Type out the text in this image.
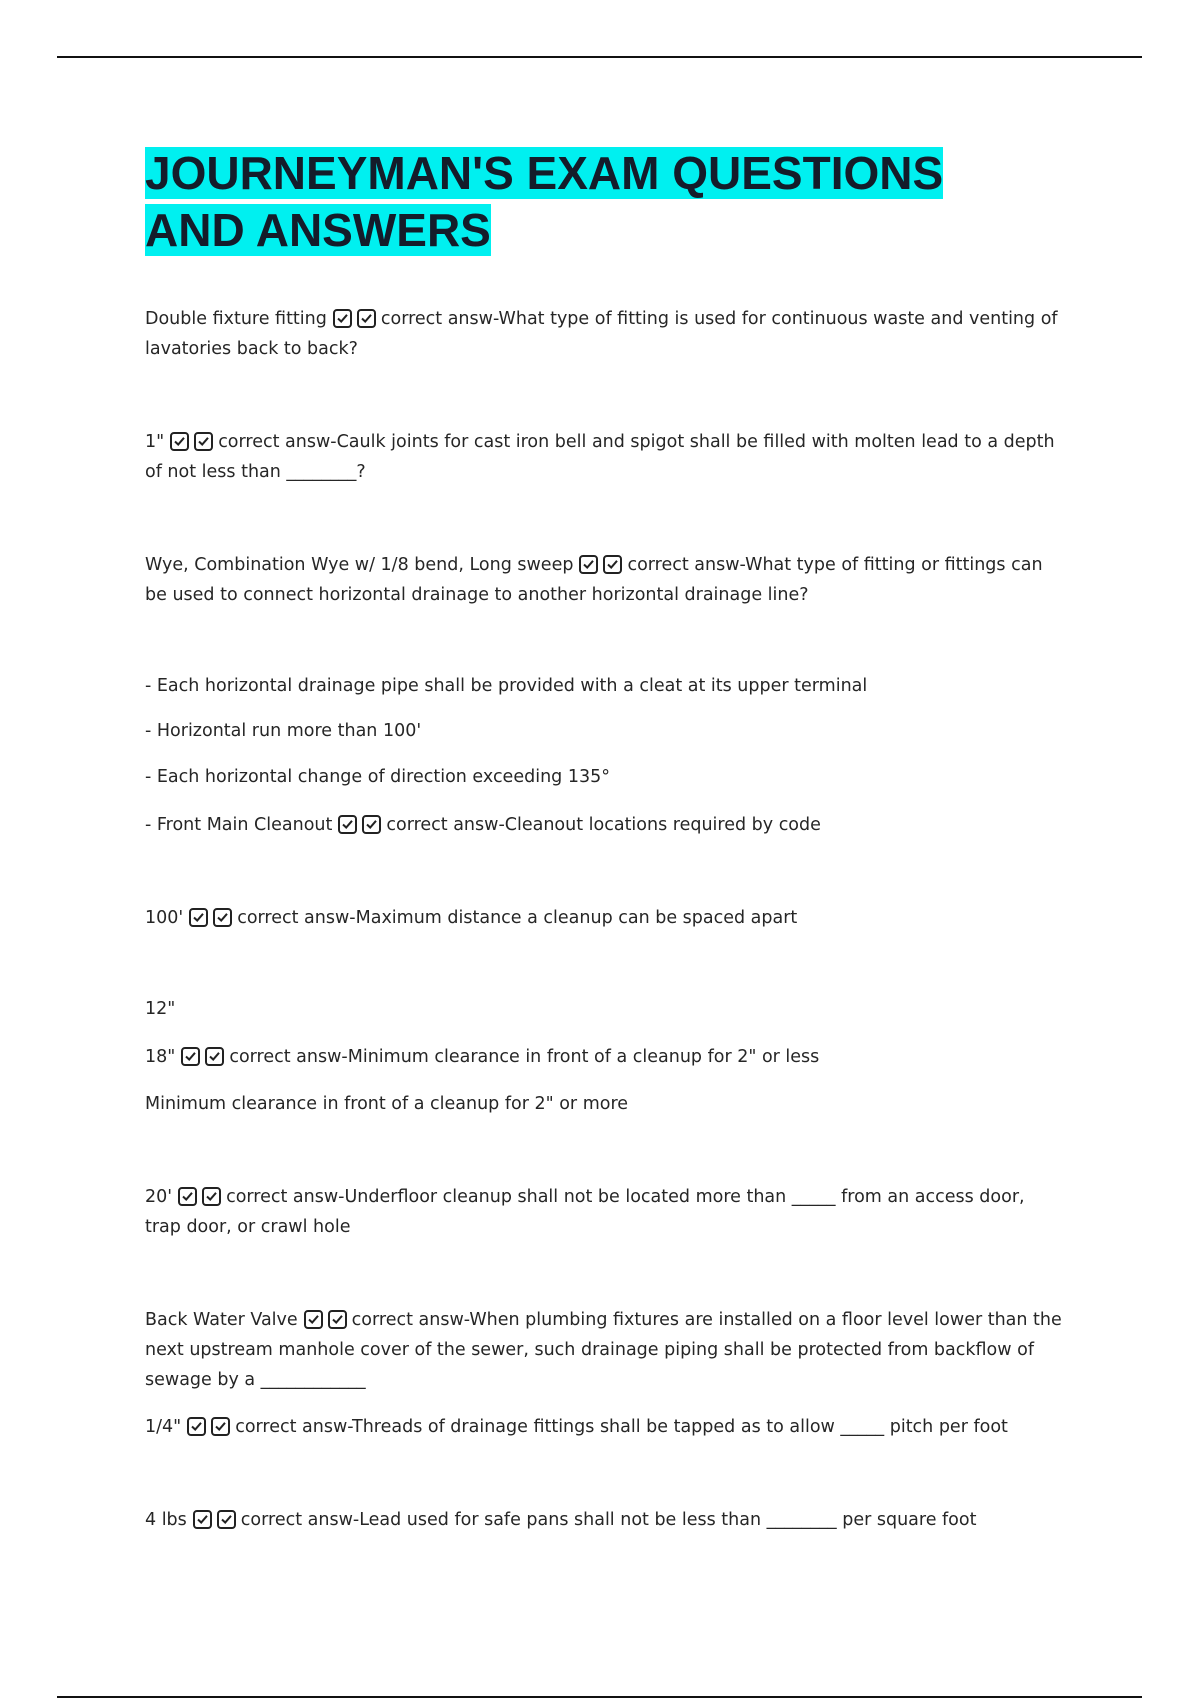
JOURNEYMAN'S EXAM QUESTIONS
AND ANSWERS

Double fixture fitting	correct answ-What type of fitting is used for continuous waste and venting of lavatories back to back?

1"	correct answ-Caulk joints for cast iron bell and spigot shall be filled with molten lead to a depth of not less than ________?

Wye, Combination Wye w/ 1/8 bend, Long sweep	correct answ-What type of fitting or fittings can be used to connect horizontal drainage to another horizontal drainage line?

- Each horizontal drainage pipe shall be provided with a cleat at its upper terminal

- Horizontal run more than 100'

- Each horizontal change of direction exceeding 135°

- Front Main Cleanout	correct answ-Cleanout locations required by code

100'	correct answ-Maximum distance a cleanup can be spaced apart

12"

18"	correct answ-Minimum clearance in front of a cleanup for 2" or less

Minimum clearance in front of a cleanup for 2" or more

20'	correct answ-Underfloor cleanup shall not be located more than _____ from an access door, trap door, or crawl hole

Back Water Valve	correct answ-When plumbing fixtures are installed on a floor level lower than the next upstream manhole cover of the sewer, such drainage piping shall be protected from backflow of sewage by a ____________

1/4"	correct answ-Threads of drainage fittings shall be tapped as to allow _____ pitch per foot

4 lbs	correct answ-Lead used for safe pans shall not be less than ________ per square foot
